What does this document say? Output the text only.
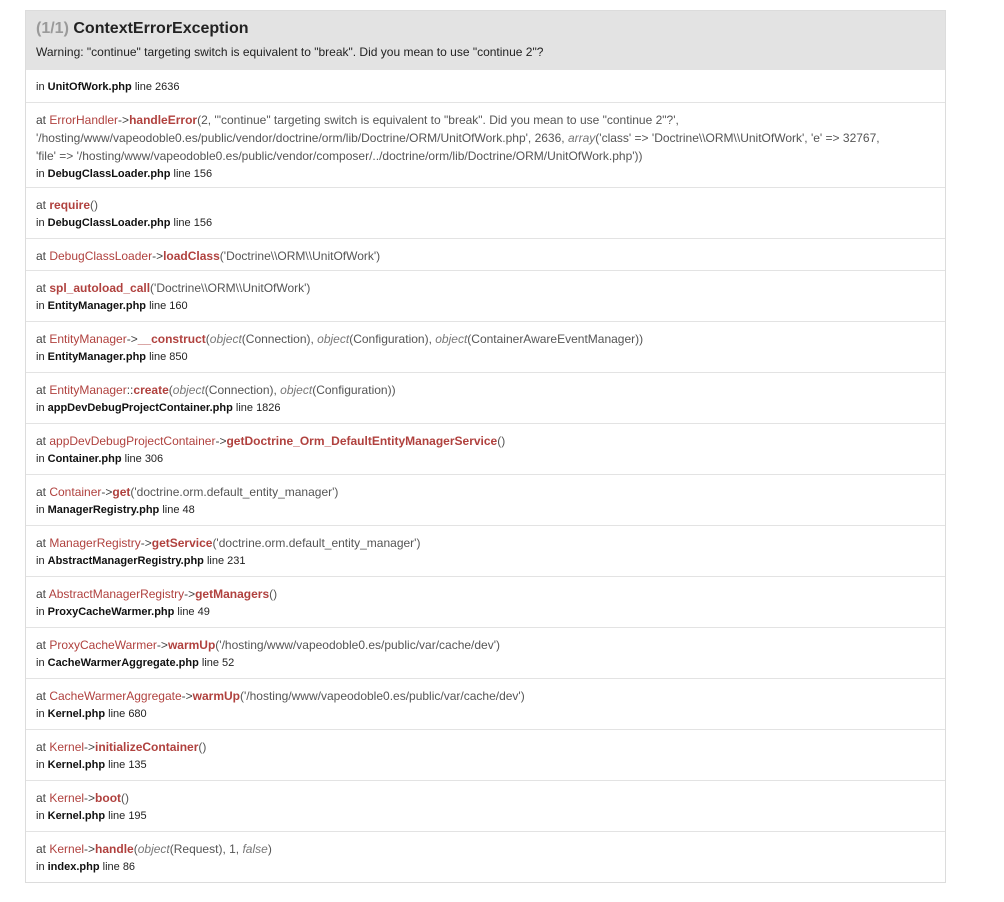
(1/1) ContextErrorException
Warning: "continue" targeting switch is equivalent to "break". Did you mean to use "continue 2"?
in UnitOfWork.php line 2636
at ErrorHandler->handleError(2, '"continue" targeting switch is equivalent to "break". Did you mean to use "continue 2"?',
'/hosting/www/vapeodoble0.es/public/vendor/doctrine/orm/lib/Doctrine/ORM/UnitOfWork.php', 2636, array('class' => 'Doctrine\\ORM\\UnitOfWork', 'e' => 32767,
'file' => '/hosting/www/vapeodoble0.es/public/vendor/composer/../doctrine/orm/lib/Doctrine/ORM/UnitOfWork.php'))
in DebugClassLoader.php line 156
at require()
in DebugClassLoader.php line 156
at DebugClassLoader->loadClass('Doctrine\\ORM\\UnitOfWork')
at spl_autoload_call('Doctrine\\ORM\\UnitOfWork')
in EntityManager.php line 160
at EntityManager->__construct(object(Connection), object(Configuration), object(ContainerAwareEventManager))
in EntityManager.php line 850
at EntityManager::create(object(Connection), object(Configuration))
in appDevDebugProjectContainer.php line 1826
at appDevDebugProjectContainer->getDoctrine_Orm_DefaultEntityManagerService()
in Container.php line 306
at Container->get('doctrine.orm.default_entity_manager')
in ManagerRegistry.php line 48
at ManagerRegistry->getService('doctrine.orm.default_entity_manager')
in AbstractManagerRegistry.php line 231
at AbstractManagerRegistry->getManagers()
in ProxyCacheWarmer.php line 49
at ProxyCacheWarmer->warmUp('/hosting/www/vapeodoble0.es/public/var/cache/dev')
in CacheWarmerAggregate.php line 52
at CacheWarmerAggregate->warmUp('/hosting/www/vapeodoble0.es/public/var/cache/dev')
in Kernel.php line 680
at Kernel->initializeContainer()
in Kernel.php line 135
at Kernel->boot()
in Kernel.php line 195
at Kernel->handle(object(Request), 1, false)
in index.php line 86
